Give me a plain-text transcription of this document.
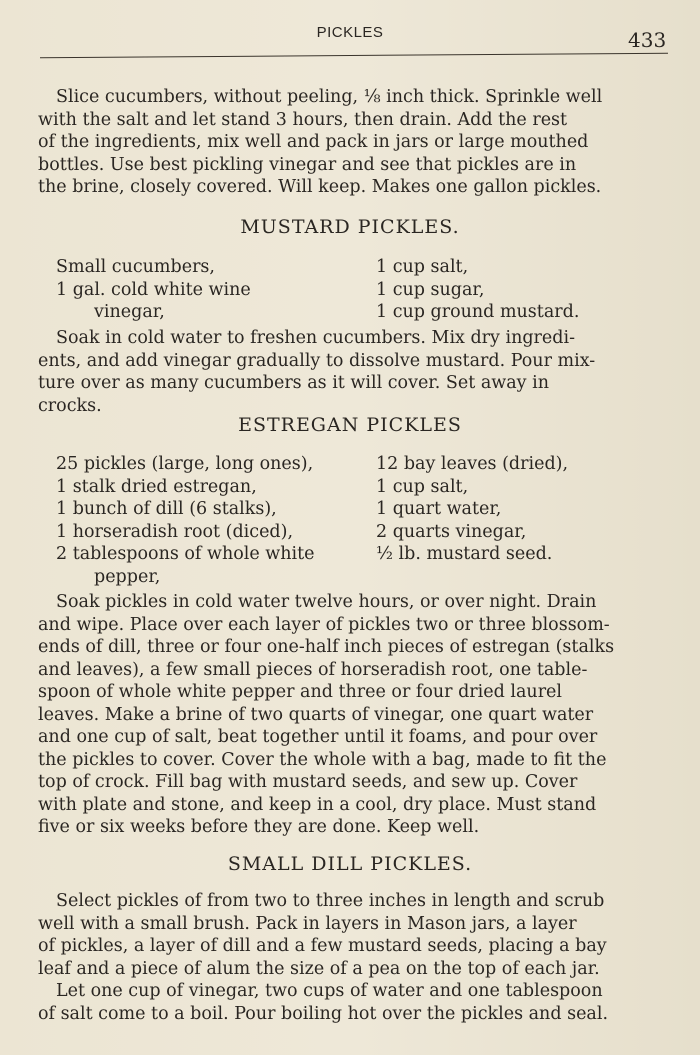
PICKLES	433
Slice cucumbers, without peeling, ⅛ inch thick. Sprinkle well
with the salt and let stand 3 hours, then drain. Add the rest
of the ingredients, mix well and pack in jars or large mouthed
bottles. Use best pickling vinegar and see that pickles are in
the brine, closely covered. Will keep. Makes one gallon pickles.
MUSTARD PICKLES.
Small cucumbers,
1 gal. cold white wine
vinegar,
1 cup salt,
1 cup sugar,
1 cup ground mustard.
Soak in cold water to freshen cucumbers. Mix dry ingredi-
ents, and add vinegar gradually to dissolve mustard. Pour mix-
ture over as many cucumbers as it will cover. Set away in
crocks.
ESTREGAN PICKLES
25 pickles (large, long ones),
1 stalk dried estregan,
1 bunch of dill (6 stalks),
1 horseradish root (diced),
2 tablespoons of whole white
pepper,
12 bay leaves (dried),
1 cup salt,
1 quart water,
2 quarts vinegar,
½ lb. mustard seed.
Soak pickles in cold water twelve hours, or over night. Drain
and wipe. Place over each layer of pickles two or three blossom-
ends of dill, three or four one-half inch pieces of estregan (stalks
and leaves), a few small pieces of horseradish root, one table-
spoon of whole white pepper and three or four dried laurel
leaves. Make a brine of two quarts of vinegar, one quart water
and one cup of salt, beat together until it foams, and pour over
the pickles to cover. Cover the whole with a bag, made to fit the
top of crock. Fill bag with mustard seeds, and sew up. Cover
with plate and stone, and keep in a cool, dry place. Must stand
five or six weeks before they are done. Keep well.
SMALL DILL PICKLES.
Select pickles of from two to three inches in length and scrub
well with a small brush. Pack in layers in Mason jars, a layer
of pickles, a layer of dill and a few mustard seeds, placing a bay
leaf and a piece of alum the size of a pea on the top of each jar.
Let one cup of vinegar, two cups of water and one tablespoon
of salt come to a boil. Pour boiling hot over the pickles and seal.
